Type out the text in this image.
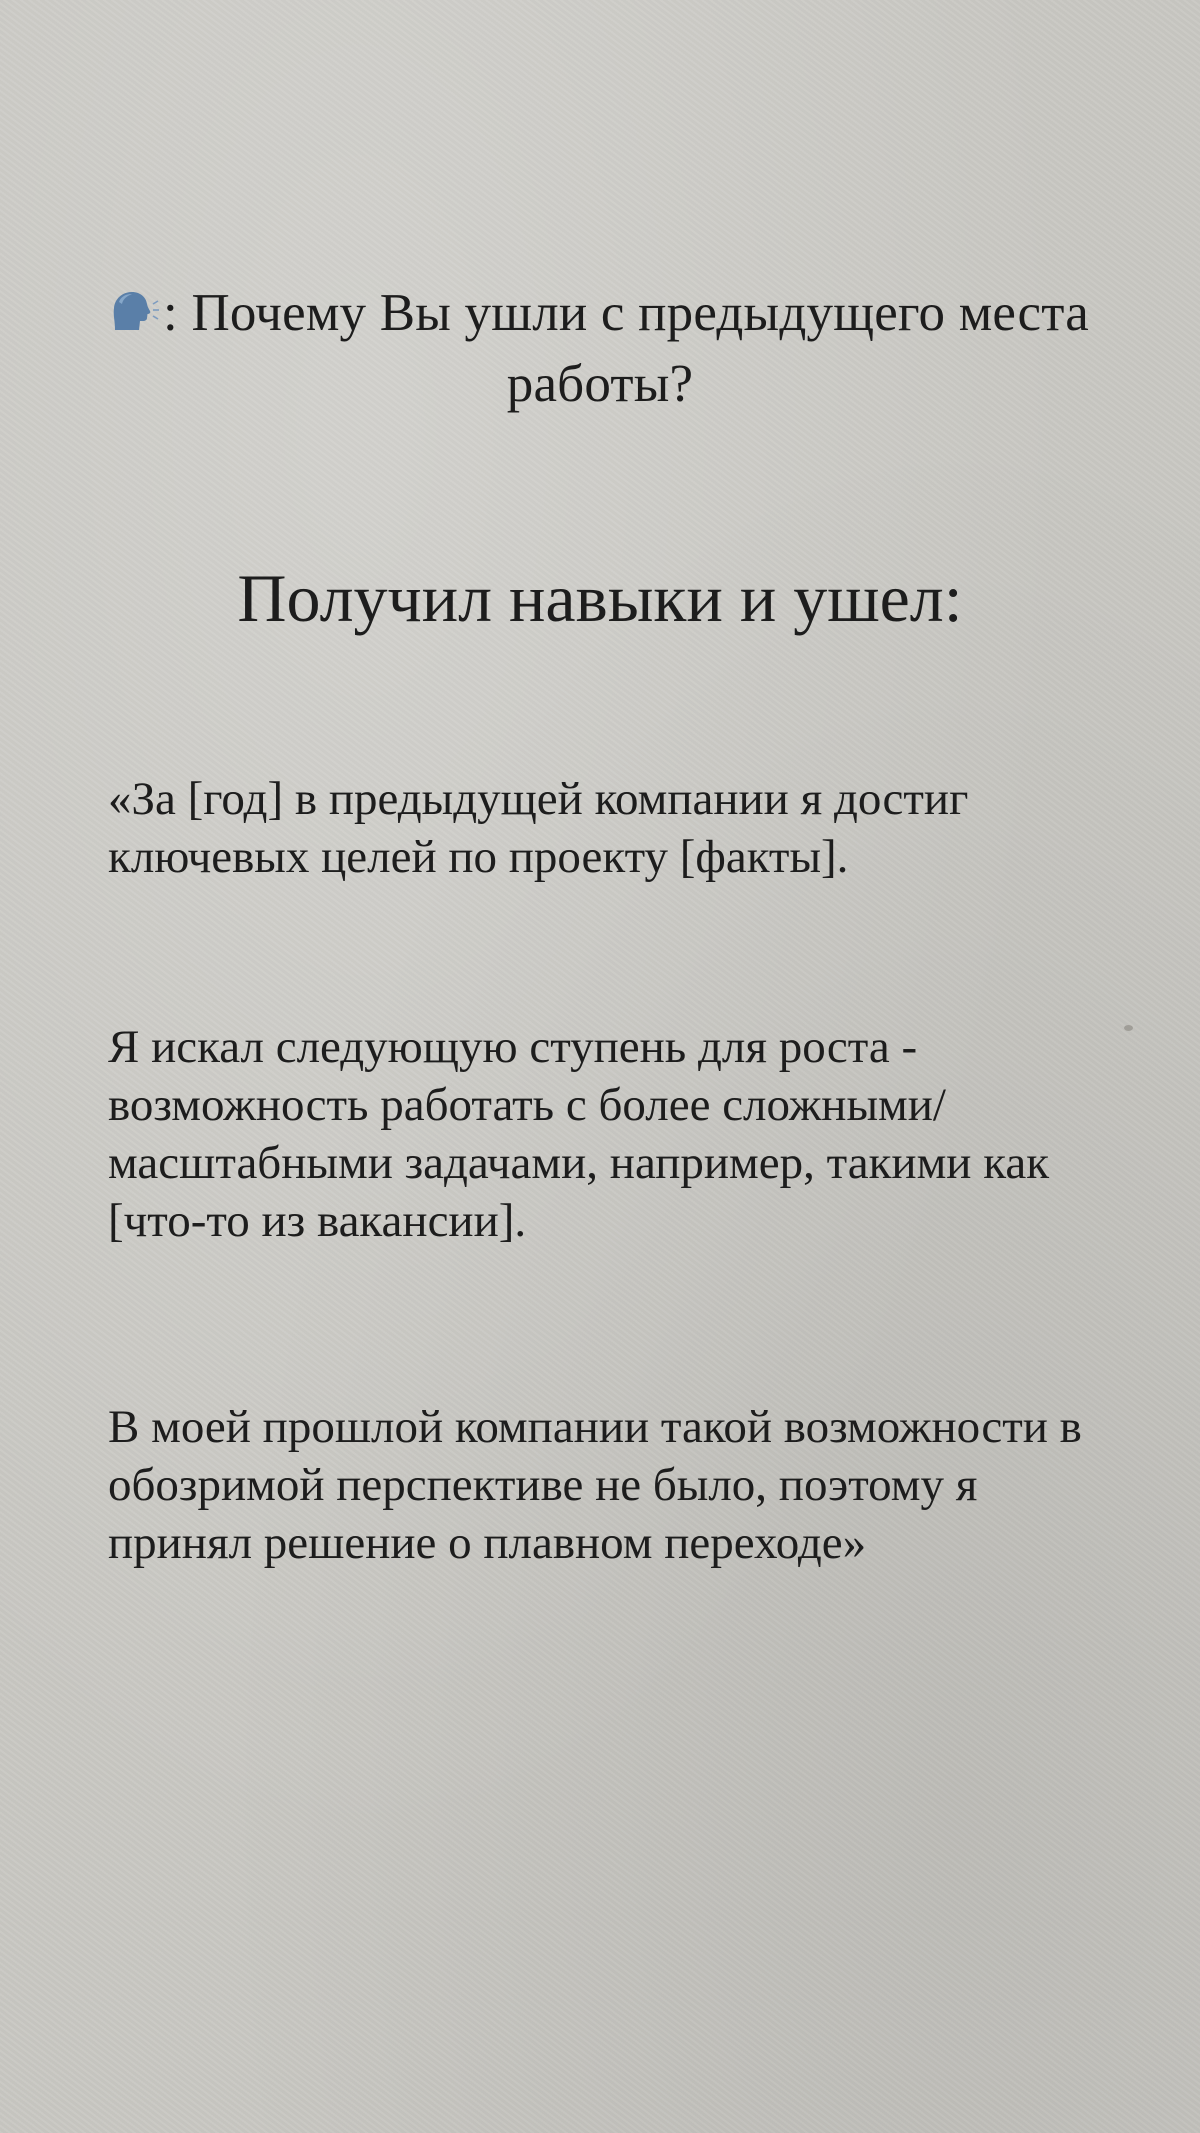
: Почему Вы ушли с предыдущего места работы?
Получил навыки и ушел:
«За [год] в предыдущей компании я достиг ключевых целей по проекту [факты].
Я искал следующую ступень для роста - возможность работать с более сложными/масштабными задачами, например, такими как [что-то из вакансии].
В моей прошлой компании такой возможности в обозримой перспективе не было, поэтому я принял решение о плавном переходе»
